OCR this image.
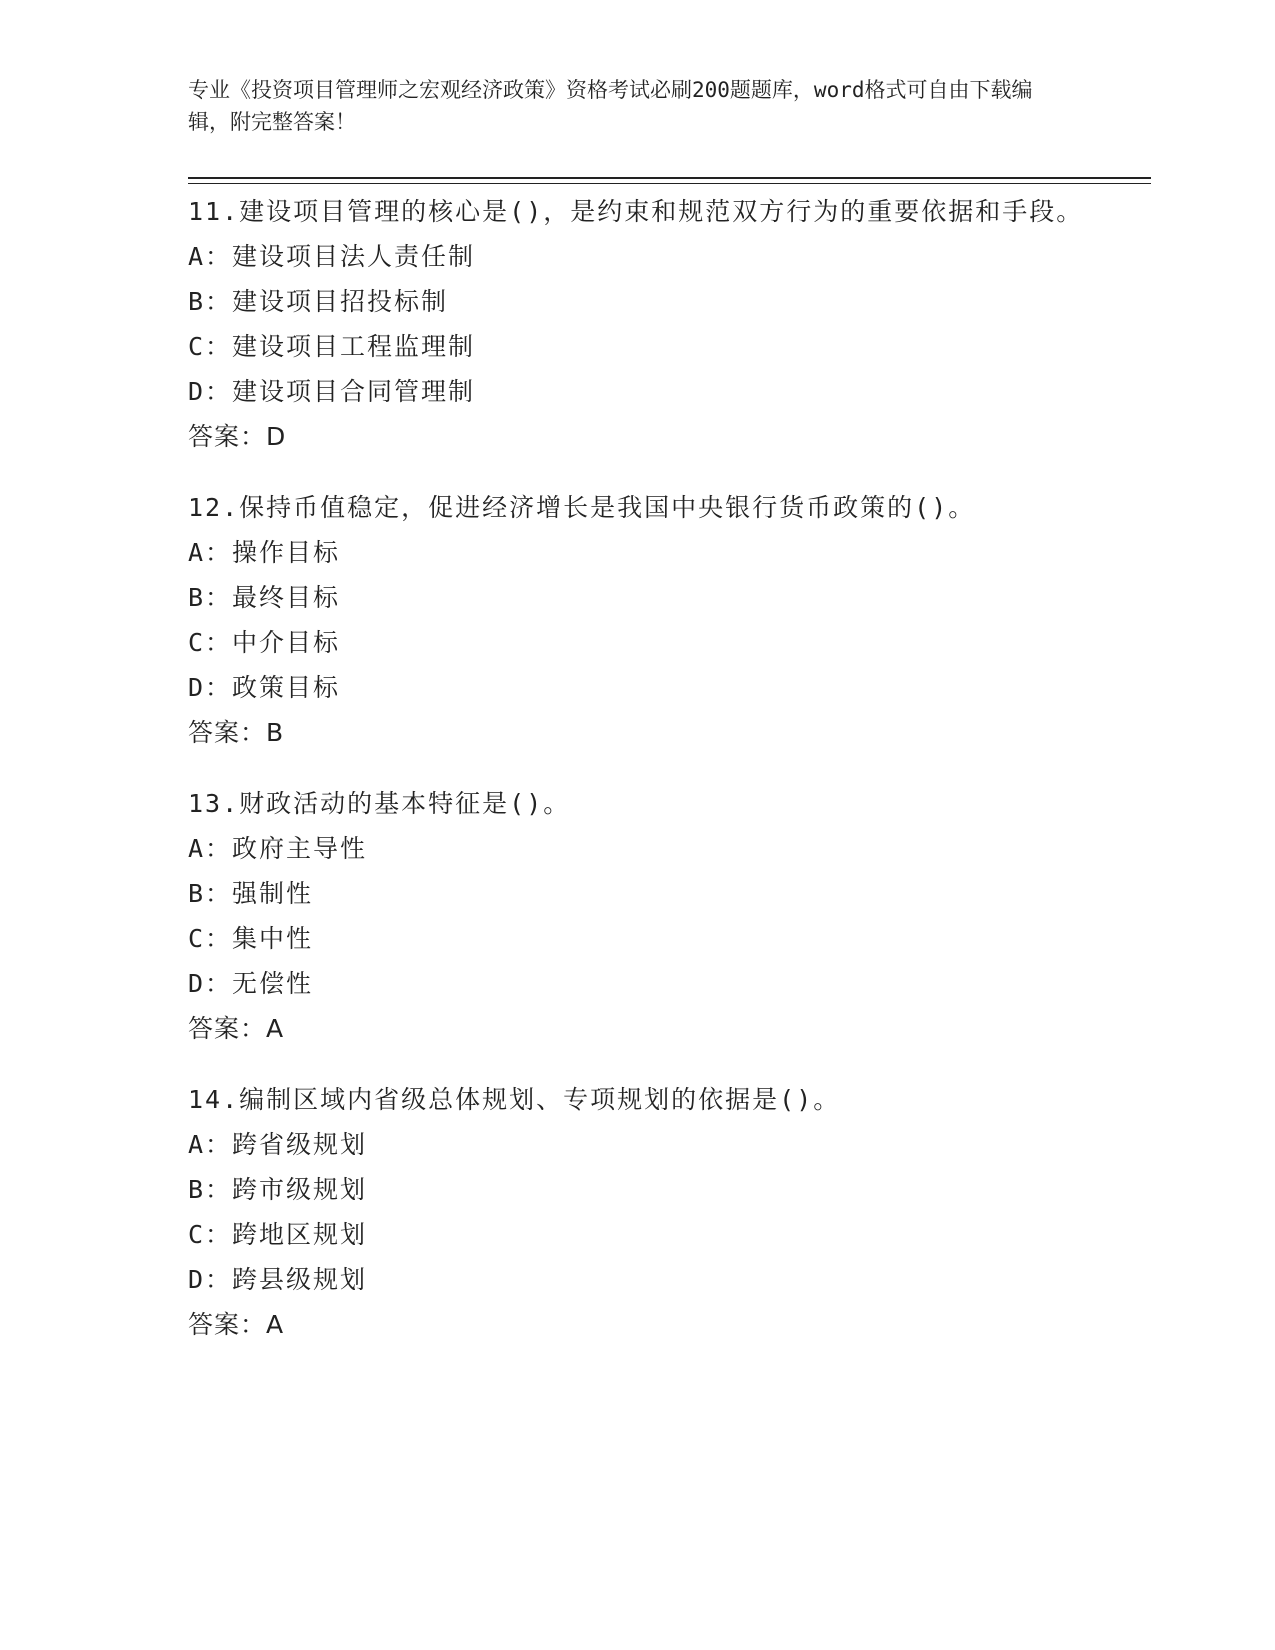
专业《投资项目管理师之宏观经济政策》资格考试必刷200题题库，word格式可自由下载编辑，附完整答案！
11.建设项目管理的核心是()，是约束和规范双方行为的重要依据和手段。
A：建设项目法人责任制
B：建设项目招投标制
C：建设项目工程监理制
D：建设项目合同管理制
答案：D
12.保持币值稳定，促进经济增长是我国中央银行货币政策的()。
A：操作目标
B：最终目标
C：中介目标
D：政策目标
答案：B
13.财政活动的基本特征是()。
A：政府主导性
B：强制性
C：集中性
D：无偿性
答案：A
14.编制区域内省级总体规划、专项规划的依据是()。
A：跨省级规划
B：跨市级规划
C：跨地区规划
D：跨县级规划
答案：A
